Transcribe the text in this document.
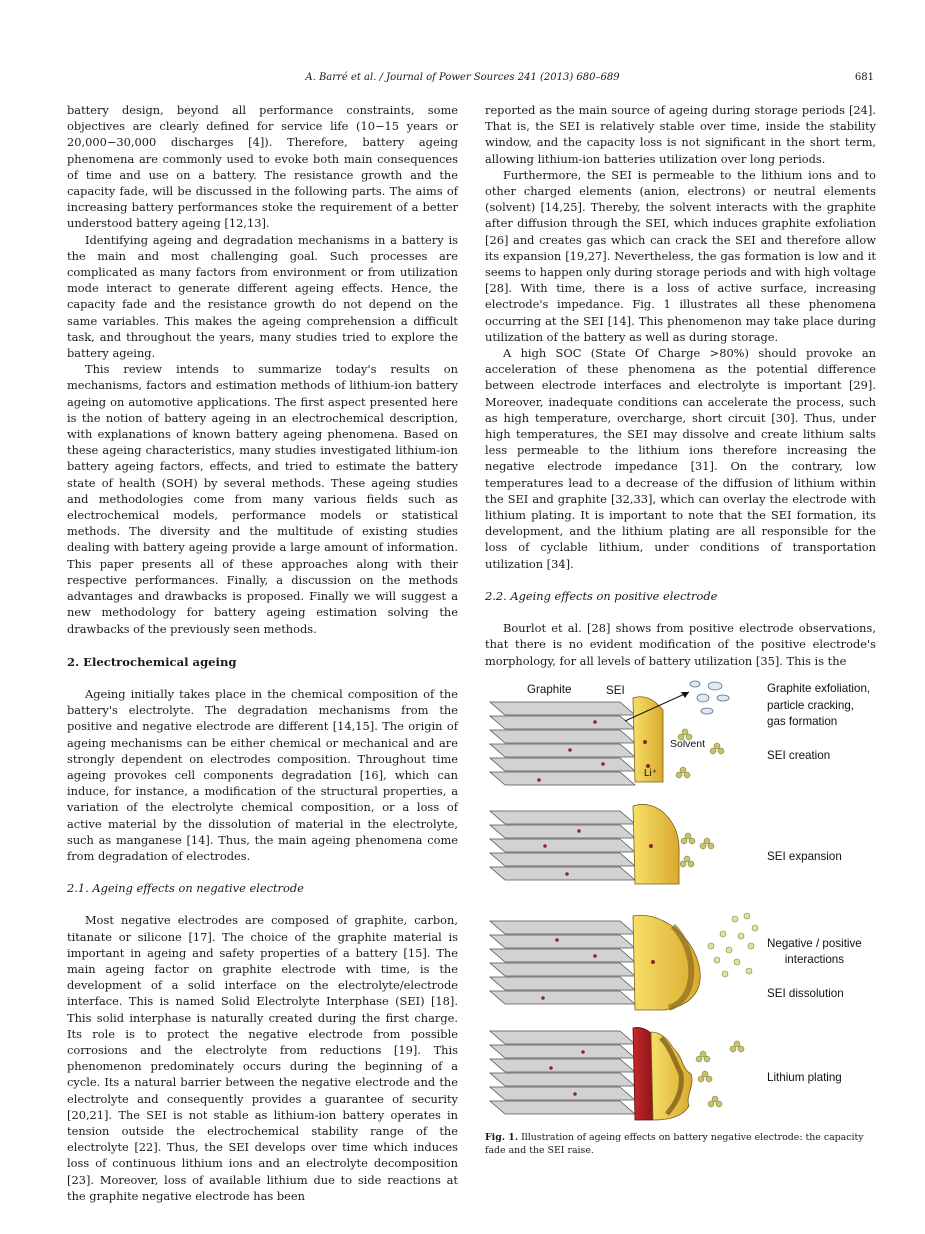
A. Barré et al. / Journal of Power Sources 241 (2013) 680–689	681

battery design, beyond all performance constraints, some objectives are clearly defined for service life (10−15 years or 20,000−30,000 discharges [4]). Therefore, battery ageing phenomena are commonly used to evoke both main consequences of time and use on a battery. The resistance growth and the capacity fade, will be discussed in the following parts. The aims of increasing battery performances stoke the requirement of a better understood battery ageing [12,13].

Identifying ageing and degradation mechanisms in a battery is the main and most challenging goal. Such processes are complicated as many factors from environment or from utilization mode interact to generate different ageing effects. Hence, the capacity fade and the resistance growth do not depend on the same variables. This makes the ageing comprehension a difficult task, and throughout the years, many studies tried to explore the battery ageing.

This review intends to summarize today's results on mechanisms, factors and estimation methods of lithium-ion battery ageing on automotive applications. The first aspect presented here is the notion of battery ageing in an electrochemical description, with explanations of known battery ageing phenomena. Based on these ageing characteristics, many studies investigated lithium-ion battery ageing factors, effects, and tried to estimate the battery state of health (SOH) by several methods. These ageing studies and methodologies come from many various fields such as electrochemical models, performance models or statistical methods. The diversity and the multitude of existing studies dealing with battery ageing provide a large amount of information. This paper presents all of these approaches along with their respective performances. Finally, a discussion on the methods advantages and drawbacks is proposed. Finally we will suggest a new methodology for battery ageing estimation solving the drawbacks of the previously seen methods.

2. Electrochemical ageing

Ageing initially takes place in the chemical composition of the battery's electrolyte. The degradation mechanisms from the positive and negative electrode are different [14,15]. The origin of ageing mechanisms can be either chemical or mechanical and are strongly dependent on electrodes composition. Throughout time ageing provokes cell components degradation [16], which can induce, for instance, a modification of the structural properties, a variation of the electrolyte chemical composition, or a loss of active material by the dissolution of material in the electrolyte, such as manganese [14]. Thus, the main ageing phenomena come from degradation of electrodes.

2.1. Ageing effects on negative electrode

Most negative electrodes are composed of graphite, carbon, titanate or silicone [17]. The choice of the graphite material is important in ageing and safety properties of a battery [15]. The main ageing factor on graphite electrode with time, is the development of a solid interface on the electrolyte/electrode interface. This is named Solid Electrolyte Interphase (SEI) [18]. This solid interphase is naturally created during the first charge. Its role is to protect the negative electrode from possible corrosions and the electrolyte from reductions [19]. This phenomenon predominately occurs during the beginning of a cycle. Its a natural barrier between the negative electrode and the electrolyte and consequently provides a guarantee of security [20,21]. The SEI is not stable as lithium-ion battery operates in tension outside the electrochemical stability range of the electrolyte [22]. Thus, the SEI develops over time which induces loss of continuous lithium ions and an electrolyte decomposition [23]. Moreover, loss of available lithium due to side reactions at the graphite negative electrode has been

reported as the main source of ageing during storage periods [24]. That is, the SEI is relatively stable over time, inside the stability window, and the capacity loss is not significant in the short term, allowing lithium-ion batteries utilization over long periods.

Furthermore, the SEI is permeable to the lithium ions and to other charged elements (anion, electrons) or neutral elements (solvent) [14,25]. Thereby, the solvent interacts with the graphite after diffusion through the SEI, which induces graphite exfoliation [26] and creates gas which can crack the SEI and therefore allow its expansion [19,27]. Nevertheless, the gas formation is low and it seems to happen only during storage periods and with high voltage [28]. With time, there is a loss of active surface, increasing electrode's impedance. Fig. 1 illustrates all these phenomena occurring at the SEI [14]. This phenomenon may take place during utilization of the battery as well as during storage.

A high SOC (State Of Charge >80%) should provoke an acceleration of these phenomena as the potential difference between electrode interfaces and electrolyte is important [29]. Moreover, inadequate conditions can accelerate the process, such as high temperature, overcharge, short circuit [30]. Thus, under high temperatures, the SEI may dissolve and create lithium salts less permeable to the lithium ions therefore increasing the negative electrode impedance [31]. On the contrary, low temperatures lead to a decrease of the diffusion of lithium within the SEI and graphite [32,33], which can overlay the electrode with lithium plating. It is important to note that the SEI formation, its development, and the lithium plating are all responsible for the loss of cyclable lithium, under conditions of transportation utilization [34].

2.2. Ageing effects on positive electrode

Bourlot et al. [28] shows from positive electrode observations, that there is no evident modification of the positive electrode's morphology, for all levels of battery utilization [35]. This is the

Graphite	SEI
Solvent
Li⁺
Graphite exfoliation,
particle cracking,
gas formation
SEI creation
SEI expansion
Negative / positive
interactions
SEI dissolution
Lithium plating
Fig. 1. Illustration of ageing effects on battery negative electrode: the capacity fade and the SEI raise.
